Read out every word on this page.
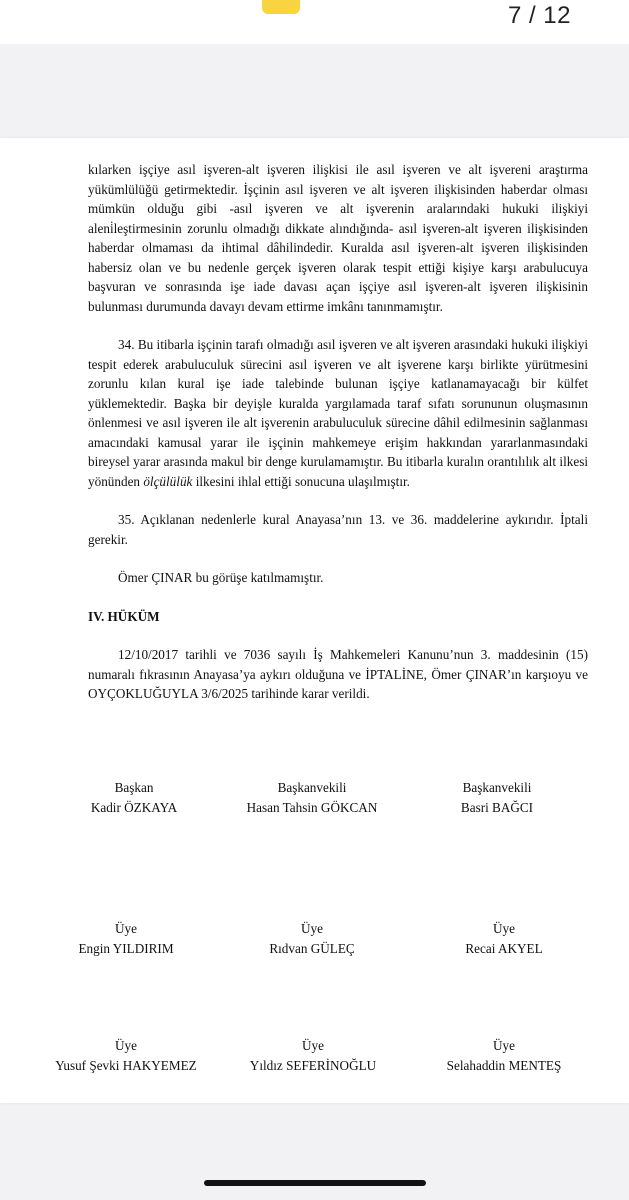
7 / 12

kılarken işçiye asıl işveren-alt işveren ilişkisi ile asıl işveren ve alt işvereni araştırma yükümlülüğü getirmektedir. İşçinin asıl işveren ve alt işveren ilişkisinden haberdar olması mümkün olduğu gibi -asıl işveren ve alt işverenin aralarındaki hukuki ilişkiyi aleni̇leştirmesinin zorunlu olmadığı dikkate alındığında- asıl işveren-alt işveren ilişkisinden haberdar olmaması da ihtimal dâhilindedir. Kuralda asıl işveren-alt işveren ilişkisinden habersiz olan ve bu nedenle gerçek işveren olarak tespit ettiği kişiye karşı arabulucuya başvuran ve sonrasında işe iade davası açan işçiye asıl işveren-alt işveren ilişkisinin bulunması durumunda davayı devam ettirme imkânı tanınmamıştır.

34. Bu itibarla işçinin tarafı olmadığı asıl işveren ve alt işveren arasındaki hukuki ilişkiyi tespit ederek arabuluculuk sürecini asıl işveren ve alt işverene karşı birlikte yürütmesini zorunlu kılan kural işe iade talebinde bulunan işçiye katlanamayacağı bir külfet yüklemektedir. Başka bir deyişle kuralda yargılamada taraf sıfatı sorununun oluşmasının önlenmesi ve asıl işveren ile alt işverenin arabuluculuk sürecine dâhil edilmesinin sağlanması amacındaki kamusal yarar ile işçinin mahkemeye erişim hakkından yararlanmasındaki bireysel yarar arasında makul bir denge kurulamamıştır. Bu itibarla kuralın orantılılık alt ilkesi yönünden ölçülülük ilkesini ihlal ettiği sonucuna ulaşılmıştır.

35. Açıklanan nedenlerle kural Anayasa’nın 13. ve 36. maddelerine aykırıdır. İptali gerekir.

Ömer ÇINAR bu görüşe katılmamıştır.

IV. HÜKÜM

12/10/2017 tarihli ve 7036 sayılı İş Mahkemeleri Kanunu’nun 3. maddesinin (15) numaralı fıkrasının Anayasa’ya aykırı olduğuna ve İPTALİNE, Ömer ÇINAR’ın karşıoyu ve OYÇOKLUĞUYLA 3/6/2025 tarihinde karar verildi.

Başkan
Kadir ÖZKAYA
Başkanvekili
Hasan Tahsin GÖKCAN
Başkanvekili
Basri BAĞCI
Üye
Engin YILDIRIM
Üye
Rıdvan GÜLEÇ
Üye
Recai AKYEL
Üye
Yusuf Şevki HAKYEMEZ
Üye
Yıldız SEFERİNOĞLU
Üye
Selahaddin MENTEŞ
